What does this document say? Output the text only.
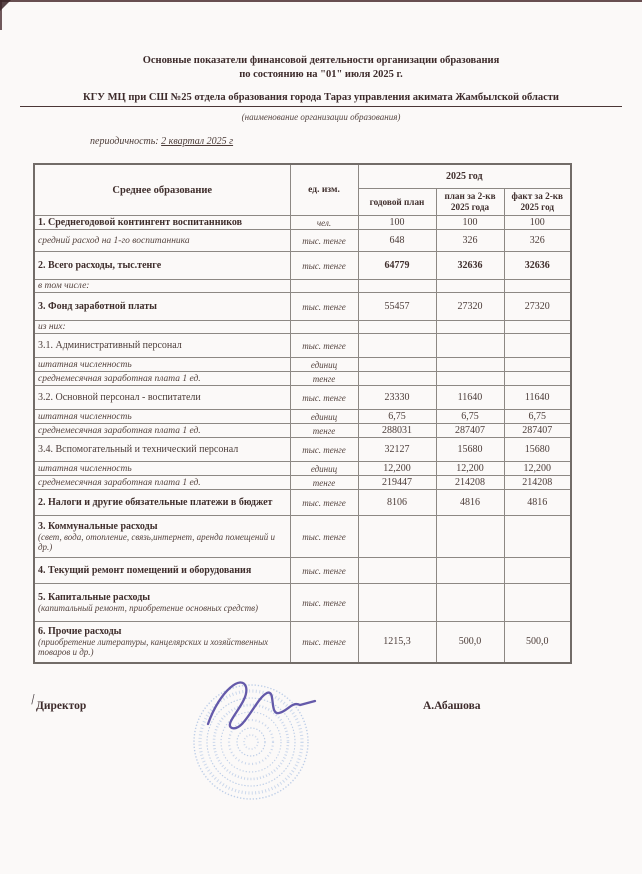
Основные показатели финансовой деятельности организации образования
по состоянию на "01" июля 2025 г.
КГУ МЦ при СШ №25 отдела образования города Тараз управления акимата Жамбылской области
(наименование организации образования)
периодичность: 2 квартал 2025 г
Среднее образование	ед. изм.	2025 год		
		годовой план	план за 2-кв 2025 года	факт за 2-кв 2025 год
1. Среднегодовой контингент воспитанников	чел.	100	100	100
средний расход на 1-го воспитанника	тыс. тенге	648	326	326
2. Всего расходы, тыс.тенге	тыс. тенге	64779	32636	32636
в том числе:				
3. Фонд заработной платы	тыс. тенге	55457	27320	27320
из них:				
3.1. Административный персонал	тыс. тенге			
штатная численность	единиц			
среднемесячная заработная плата 1 ед.	тенге			
3.2. Основной персонал - воспитатели	тыс. тенге	23330	11640	11640
штатная численность	единиц	6,75	6,75	6,75
среднемесячная заработная плата 1 ед.	тенге	288031	287407	287407
3.4. Вспомогательный и технический персонал	тыс. тенге	32127	15680	15680
штатная численность	единиц	12,200	12,200	12,200
среднемесячная заработная плата 1 ед.	тенге	219447	214208	214208
2. Налоги и другие обязательные платежи в бюджет	тыс. тенге	8106	4816	4816
3. Коммунальные расходы
(свет, вода, отопление, связь,интернет, аренда помещений и др.)	тыс. тенге			
4. Текущий ремонт помещений и оборудования	тыс. тенге			
5. Капитальные расходы
(капитальный ремонт, приобретение основных средств)	тыс. тенге			
6. Прочие расходы
(приобретение литературы, канцелярских и хозяйственных товаров и др.)	тыс. тенге	1215,3	500,0	500,0
/ Директор	А.Абашова
